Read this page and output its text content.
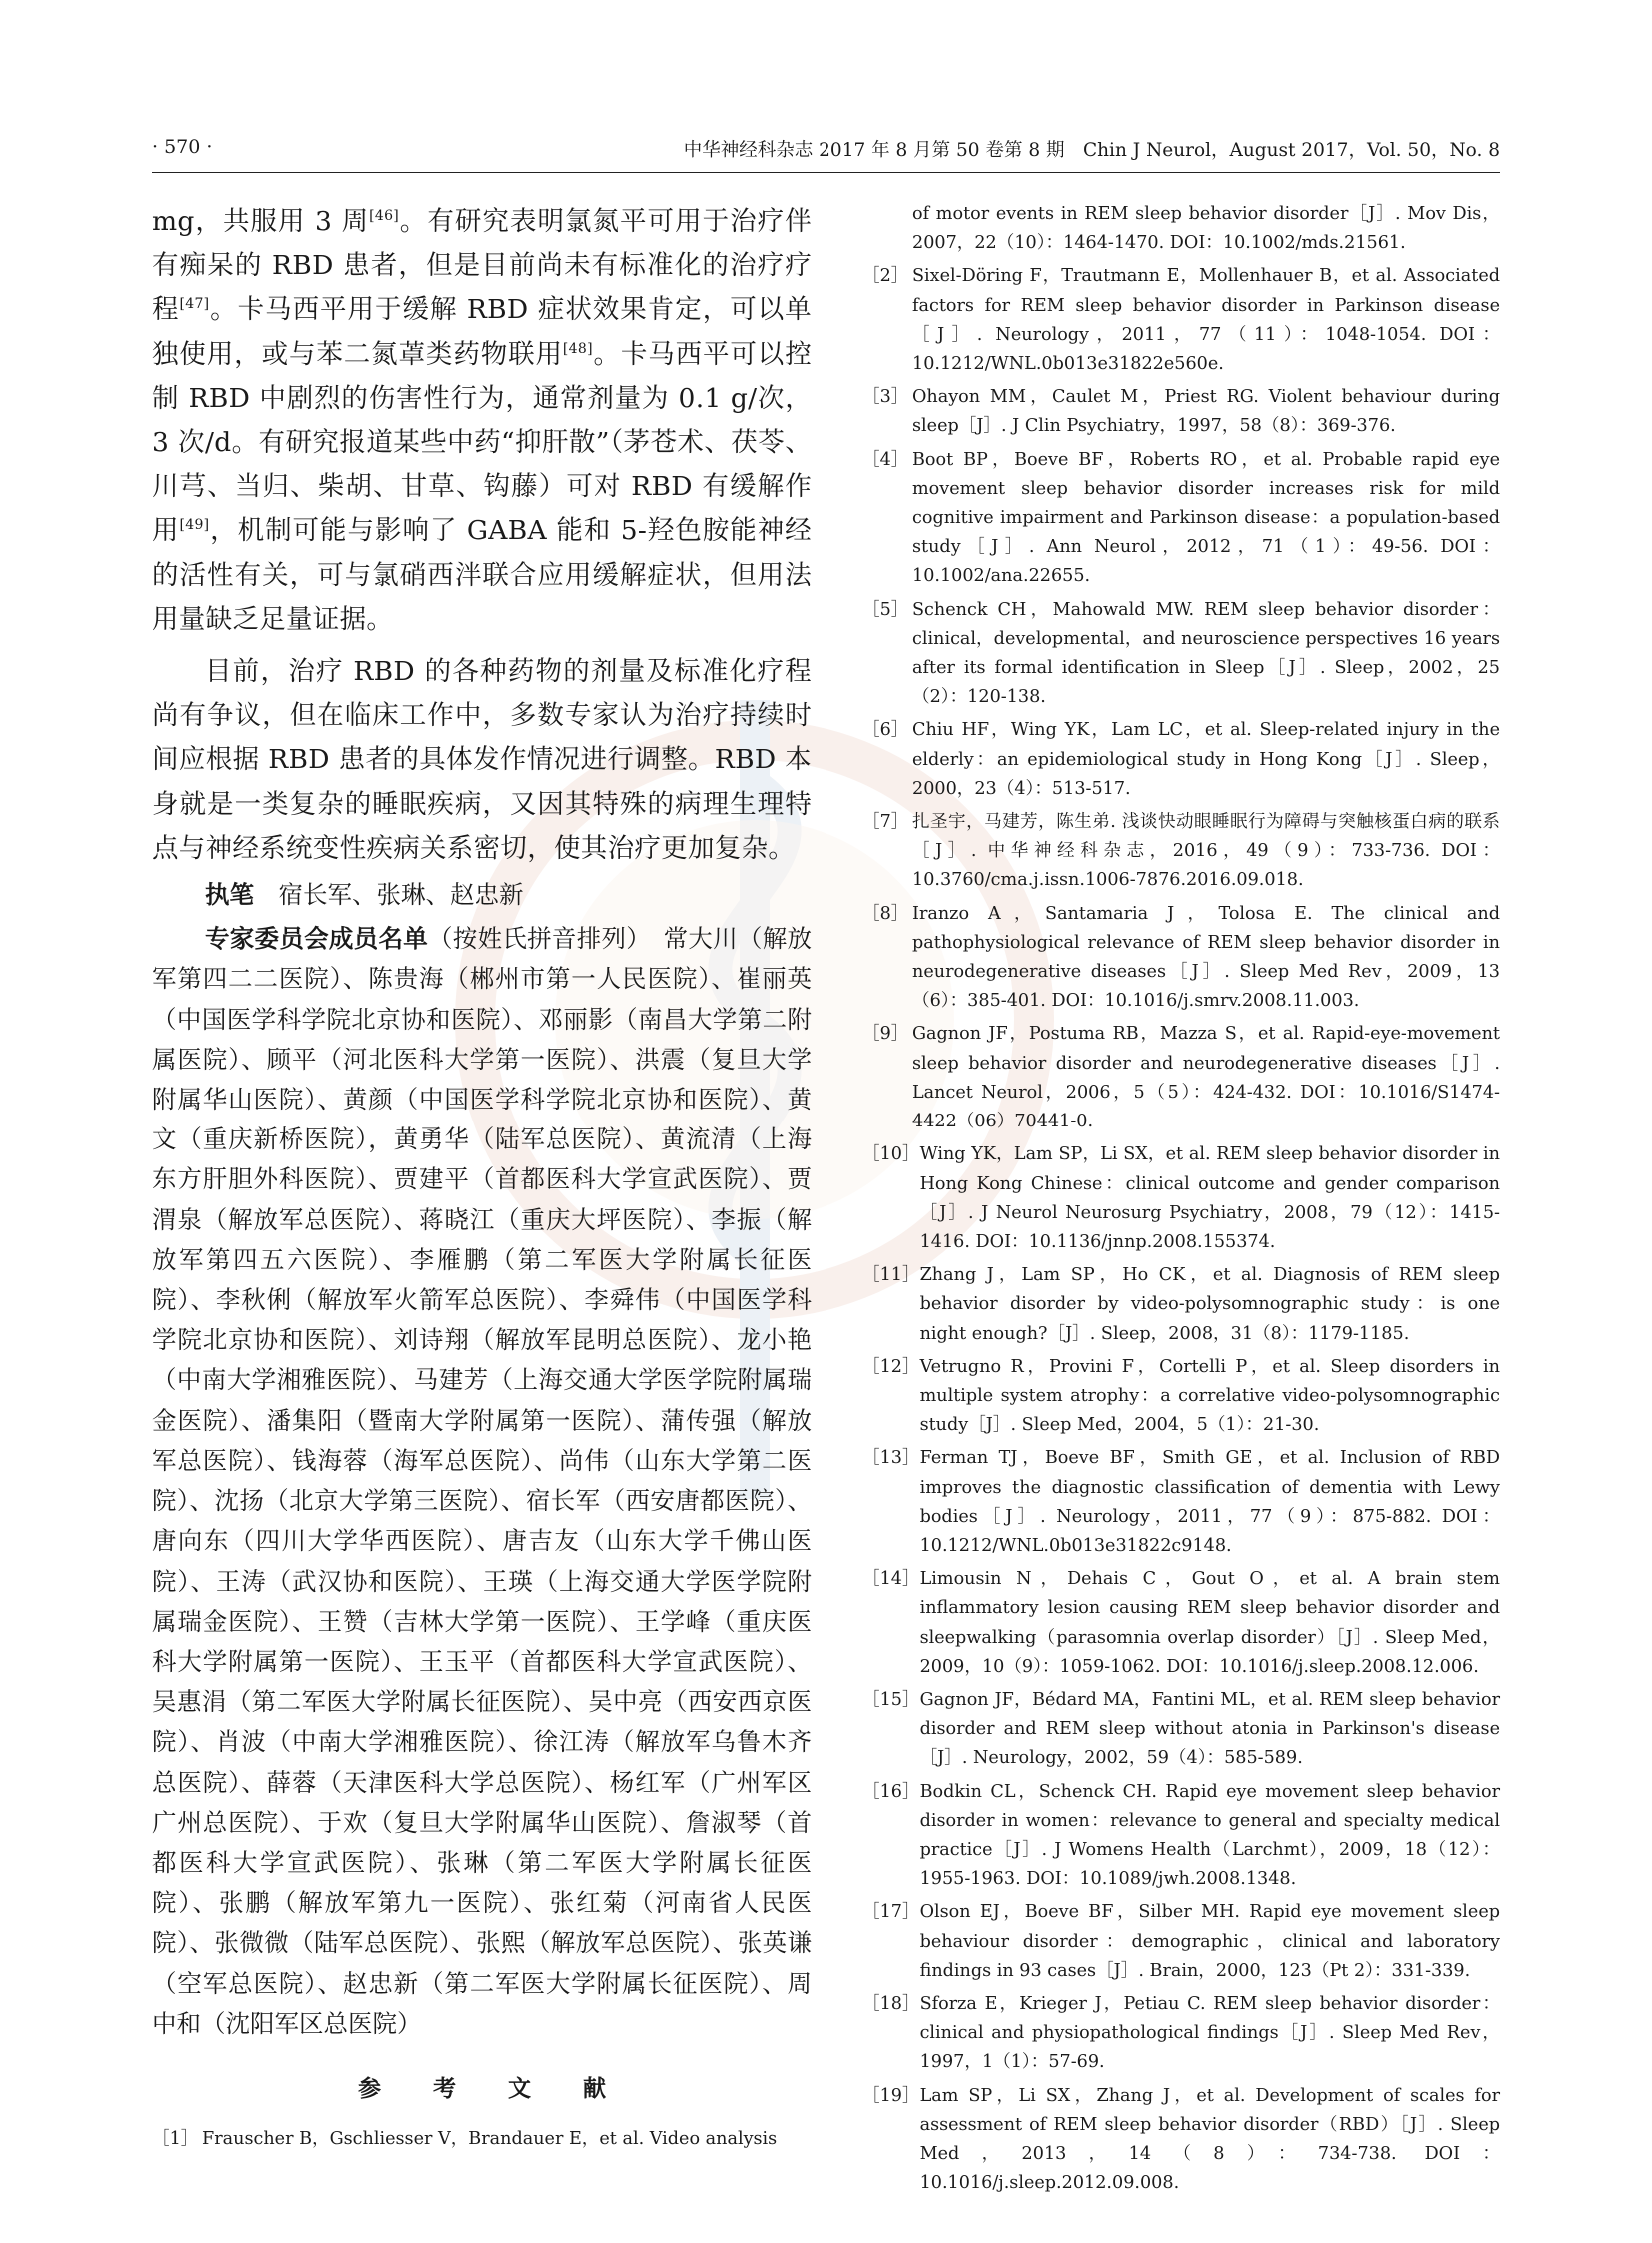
· 570 ·	中华神经科杂志 2017 年 8 月第 50 卷第 8 期　Chin J Neurol，August 2017，Vol. 50，No. 8

mg，共服用 3 周[46]。有研究表明氯氮平可用于治疗伴有痴呆的 RBD 患者，但是目前尚未有标准化的治疗疗程[47]。卡马西平用于缓解 RBD 症状效果肯定，可以单独使用，或与苯二氮䓬类药物联用[48]。卡马西平可以控制 RBD 中剧烈的伤害性行为，通常剂量为 0.1 g/次，3 次/d。有研究报道某些中药“抑肝散”（茅苍术、茯苓、川芎、当归、柴胡、甘草、钩藤）可对 RBD 有缓解作用[49]，机制可能与影响了 GABA 能和 5-羟色胺能神经的活性有关，可与氯硝西泮联合应用缓解症状，但用法用量缺乏足量证据。

目前，治疗 RBD 的各种药物的剂量及标准化疗程尚有争议，但在临床工作中，多数专家认为治疗持续时间应根据 RBD 患者的具体发作情况进行调整。RBD 本身就是一类复杂的睡眠疾病，又因其特殊的病理生理特点与神经系统变性疾病关系密切，使其治疗更加复杂。

执笔　 宿长军、张琳、赵忠新

专家委员会成员名单（按姓氏拼音排列）　常大川（解放军第四二二医院）、陈贵海（郴州市第一人民医院）、崔丽英（中国医学科学院北京协和医院）、邓丽影（南昌大学第二附属医院）、顾平（河北医科大学第一医院）、洪震（复旦大学附属华山医院）、黄颜（中国医学科学院北京协和医院）、黄文（重庆新桥医院），黄勇华（陆军总医院）、黄流清（上海东方肝胆外科医院）、贾建平（首都医科大学宣武医院）、贾渭泉（解放军总医院）、蒋晓江（重庆大坪医院）、李振（解放军第四五六医院）、李雁鹏（第二军医大学附属长征医院）、李秋俐（解放军火箭军总医院）、李舜伟（中国医学科学院北京协和医院）、刘诗翔（解放军昆明总医院）、龙小艳（中南大学湘雅医院）、马建芳（上海交通大学医学院附属瑞金医院）、潘集阳（暨南大学附属第一医院）、蒲传强（解放军总医院）、钱海蓉（海军总医院）、尚伟（山东大学第二医院）、沈扬（北京大学第三医院）、宿长军（西安唐都医院）、唐向东（四川大学华西医院）、唐吉友（山东大学千佛山医院）、王涛（武汉协和医院）、王瑛（上海交通大学医学院附属瑞金医院）、王赞（吉林大学第一医院）、王学峰（重庆医科大学附属第一医院）、王玉平（首都医科大学宣武医院）、吴惠涓（第二军医大学附属长征医院）、吴中亮（西安西京医院）、肖波（中南大学湘雅医院）、徐江涛（解放军乌鲁木齐总医院）、薛蓉（天津医科大学总医院）、杨红军（广州军区广州总医院）、于欢（复旦大学附属华山医院）、詹淑琴（首都医科大学宣武医院）、张琳（第二军医大学附属长征医院）、张鹏（解放军第九一医院）、张红菊（河南省人民医院）、张微微（陆军总医院）、张熙（解放军总医院）、张英谦（空军总医院）、赵忠新（第二军医大学附属长征医院）、周中和（沈阳军区总医院）

参 考 文 献
［1］ Frauscher B，Gschliesser V，Brandauer E，et al. Video analysis
of motor events in REM sleep behavior disorder［J］. Mov Dis，2007，22（10）：1464-1470. DOI：10.1002/mds.21561.
［2］ Sixel-Döring F，Trautmann E，Mollenhauer B，et al. Associated factors for REM sleep behavior disorder in Parkinson disease［J］. Neurology，2011，77（11）：1048-1054. DOI：10.1212/WNL.0b013e31822e560e.
［3］ Ohayon MM，Caulet M，Priest RG. Violent behaviour during sleep［J］. J Clin Psychiatry，1997，58（8）：369-376.
［4］ Boot BP，Boeve BF，Roberts RO，et al. Probable rapid eye movement sleep behavior disorder increases risk for mild cognitive impairment and Parkinson disease：a population-based study［J］. Ann Neurol，2012，71（1）：49-56. DOI：10.1002/ana.22655.
［5］ Schenck CH，Mahowald MW. REM sleep behavior disorder：clinical，developmental，and neuroscience perspectives 16 years after its formal identification in Sleep［J］. Sleep，2002，25（2）：120-138.
［6］ Chiu HF，Wing YK，Lam LC，et al. Sleep-related injury in the elderly：an epidemiological study in Hong Kong［J］. Sleep，2000，23（4）：513-517.
［7］ 扎圣宇，马建芳，陈生弟. 浅谈快动眼睡眠行为障碍与突触核蛋白病的联系［J］. 中华神经科杂志，2016，49（9）：733-736. DOI：10.3760/cma.j.issn.1006-7876.2016.09.018.
［8］ Iranzo A，Santamaria J，Tolosa E. The clinical and pathophysiological relevance of REM sleep behavior disorder in neurodegenerative diseases［J］. Sleep Med Rev，2009，13（6）：385-401. DOI：10.1016/j.smrv.2008.11.003.
［9］ Gagnon JF，Postuma RB，Mazza S，et al. Rapid-eye-movement sleep behavior disorder and neurodegenerative diseases［J］. Lancet Neurol，2006，5（5）：424-432. DOI：10.1016/S1474-4422（06）70441-0.
［10］ Wing YK，Lam SP，Li SX，et al. REM sleep behavior disorder in Hong Kong Chinese：clinical outcome and gender comparison［J］. J Neurol Neurosurg Psychiatry，2008，79（12）：1415-1416. DOI：10.1136/jnnp.2008.155374.
［11］ Zhang J，Lam SP，Ho CK，et al. Diagnosis of REM sleep behavior disorder by video-polysomnographic study：is one night enough?［J］. Sleep，2008，31（8）：1179-1185.
［12］ Vetrugno R，Provini F，Cortelli P，et al. Sleep disorders in multiple system atrophy：a correlative video-polysomnographic study［J］. Sleep Med，2004，5（1）：21-30.
［13］ Ferman TJ，Boeve BF，Smith GE，et al. Inclusion of RBD improves the diagnostic classification of dementia with Lewy bodies［J］. Neurology，2011，77（9）：875-882. DOI：10.1212/WNL.0b013e31822c9148.
［14］ Limousin N，Dehais C，Gout O，et al. A brain stem inflammatory lesion causing REM sleep behavior disorder and sleepwalking（parasomnia overlap disorder）［J］. Sleep Med，2009，10（9）：1059-1062. DOI：10.1016/j.sleep.2008.12.006.
［15］ Gagnon JF，Bédard MA，Fantini ML，et al. REM sleep behavior disorder and REM sleep without atonia in Parkinson's disease［J］. Neurology，2002，59（4）：585-589.
［16］ Bodkin CL，Schenck CH. Rapid eye movement sleep behavior disorder in women：relevance to general and specialty medical practice［J］. J Womens Health（Larchmt），2009，18（12）：1955-1963. DOI：10.1089/jwh.2008.1348.
［17］ Olson EJ，Boeve BF，Silber MH. Rapid eye movement sleep behaviour disorder：demographic，clinical and laboratory findings in 93 cases［J］. Brain，2000，123（Pt 2）：331-339.
［18］ Sforza E，Krieger J，Petiau C. REM sleep behavior disorder：clinical and physiopathological findings［J］. Sleep Med Rev，1997，1（1）：57-69.
［19］ Lam SP，Li SX，Zhang J，et al. Development of scales for assessment of REM sleep behavior disorder（RBD）［J］. Sleep Med，2013，14（8）：734-738. DOI：10.1016/j.sleep.2012.09.008.
